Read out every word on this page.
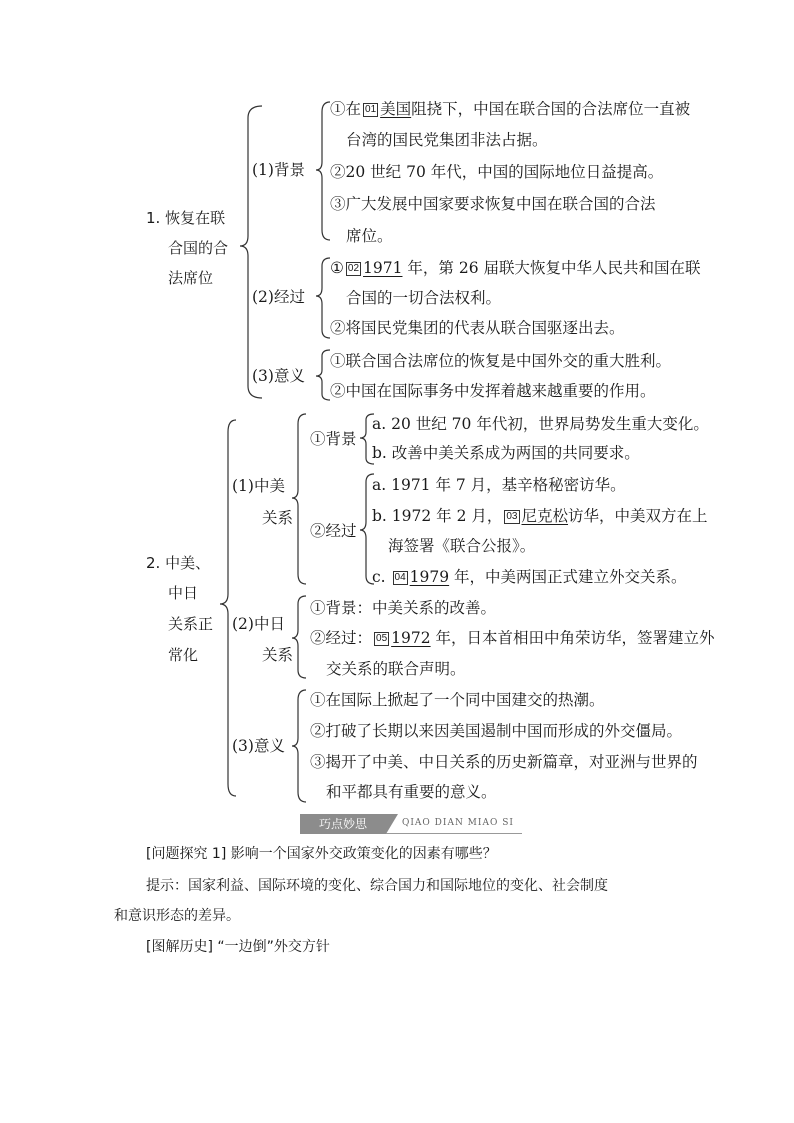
1. 恢复在联
合国的合
法席位
(1)背景
①在 01 美国阻挠下，中国在联合国的合法席位一直被
台湾的国民党集团非法占据。
②20 世纪 70 年代，中国的国际地位日益提高。
③广大发展中国家要求恢复中国在联合国的合法
席位。
(2)经过
① 02 1971 年，第 26 届联大恢复中华人民共和国在联
合国的一切合法权利。
②将国民党集团的代表从联合国驱逐出去。
(3)意义
①联合国合法席位的恢复是中国外交的重大胜利。
②中国在国际事务中发挥着越来越重要的作用。
2. 中美、
中日
关系正
常化
(1)中美
关系
①背景
a. 20 世纪 70 年代初，世界局势发生重大变化。
b. 改善中美关系成为两国的共同要求。
②经过
a. 1971 年 7 月，基辛格秘密访华。
b. 1972 年 2 月， 03 尼克松访华，中美双方在上
海签署《联合公报》。
c. 04 1979 年，中美两国正式建立外交关系。
(2)中日
关系
①背景：中美关系的改善。
②经过： 05 1972 年，日本首相田中角荣访华，签署建立外
交关系的联合声明。
(3)意义
①在国际上掀起了一个同中国建交的热潮。
②打破了长期以来因美国遏制中国而形成的外交僵局。
③揭开了中美、中日关系的历史新篇章，对亚洲与世界的
和平都具有重要的意义。
巧点妙思	QIAO DIAN MIAO SI
[问题探究 1] 影响一个国家外交政策变化的因素有哪些？
提示：国家利益、国际环境的变化、综合国力和国际地位的变化、社会制度
和意识形态的差异。
[图解历史] “一边倒”外交方针
